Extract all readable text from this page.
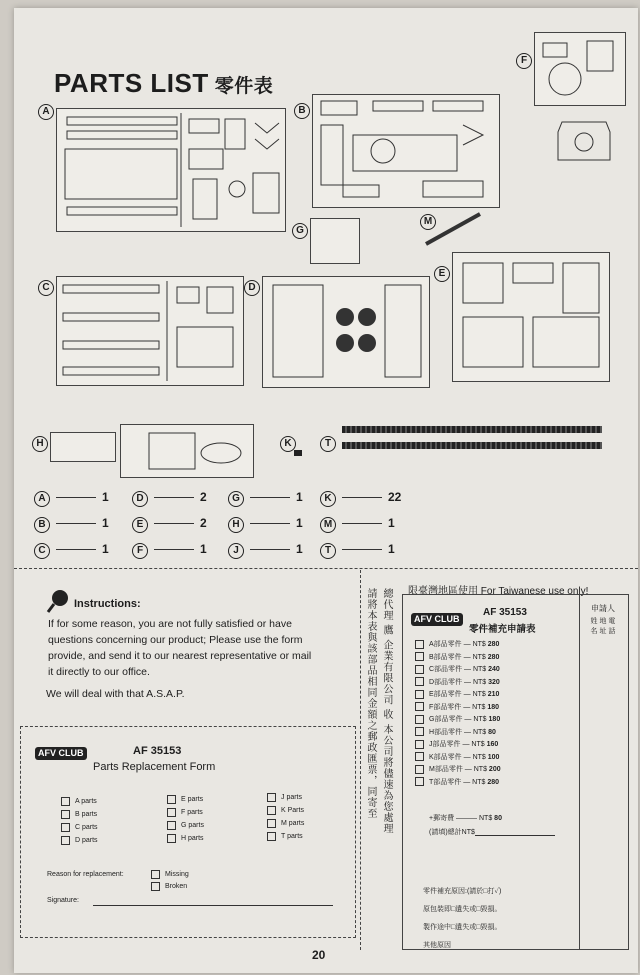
PARTS LIST 零件表
A	B
F
G
M
C	D
E
H	K	T
A	1
B	1
C	1
D	2
E	2
F	1
G	1
H	1
J	1
K	22
M	1
T	1
Instructions:
If for some reason, you are not fully satisfied or have
questions concerning our product; Please use the form
provide, and send it to our nearest representative or mail
it directly to our office.
We will deal with that A.S.A.P.	請將本表與該部品相同金額之郵政匯票，同寄至 總代理 鷹 企業有限公司 收 本公司將儘速為您處理
AFV CLUB	AF 35153
Parts Replacement Form
A parts
B parts
C parts
D parts
E parts
F parts
G parts
H parts
J parts
K Parts
M parts
T parts
Reason for replacement:	Missing
Broken
Signature:
限臺灣地區使用 For Taiwanese use only!
AFV CLUB
AF 35153
零件補充申請表
A部品零件 — NT$ 280
B部品零件 — NT$ 280
C部品零件 — NT$ 240
D部品零件 — NT$ 320
E部品零件 — NT$ 210
F部品零件 — NT$ 180
G部品零件 — NT$ 180
H部品零件 — NT$ 80
J部品零件 — NT$ 160
K部品零件 — NT$ 100
M部品零件 — NT$ 200
T部品零件 — NT$ 280
+郵寄費 ——— NT$ 80
(請填)總計NT$
零件補充原因:(請於□打✓)
原包裝即□遺失或□毀損。
製作途中□遺失或□毀損。
其他原因
申請人
姓 地 電
名 址 話
20
